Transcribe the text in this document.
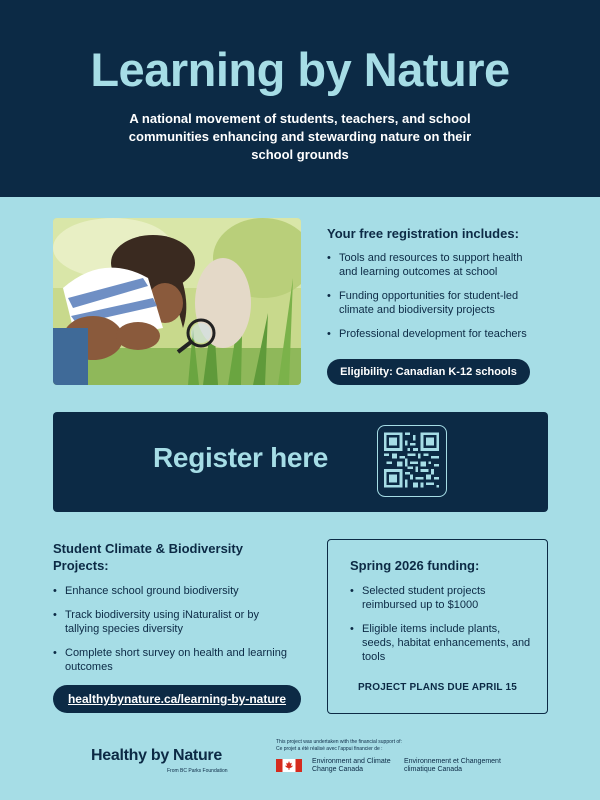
Learning by Nature
A national movement of students, teachers, and school communities enhancing and stewarding nature on their school grounds
Your free registration includes:
• Tools and resources to support health and learning outcomes at school
• Funding opportunities for student-led climate and biodiversity projects
• Professional development for teachers
Eligibility: Canadian K-12 schools
Register here
Student Climate & Biodiversity Projects:
• Enhance school ground biodiversity
• Track biodiversity using iNaturalist or by tallying species diversity
• Complete short survey on health and learning outcomes
healthybynature.ca/learning-by-nature
Spring 2026 funding:
• Selected student projects reimbursed up to $1000
• Eligible items include plants, seeds, habitat enhancements, and tools
PROJECT PLANS DUE APRIL 15
Healthy by Nature
From BC Parks Foundation
This project was undertaken with the financial support of:
Ce projet a été réalisé avec l'appui financier de :
Environment and Climate Change Canada
Environnement et Changement climatique Canada
